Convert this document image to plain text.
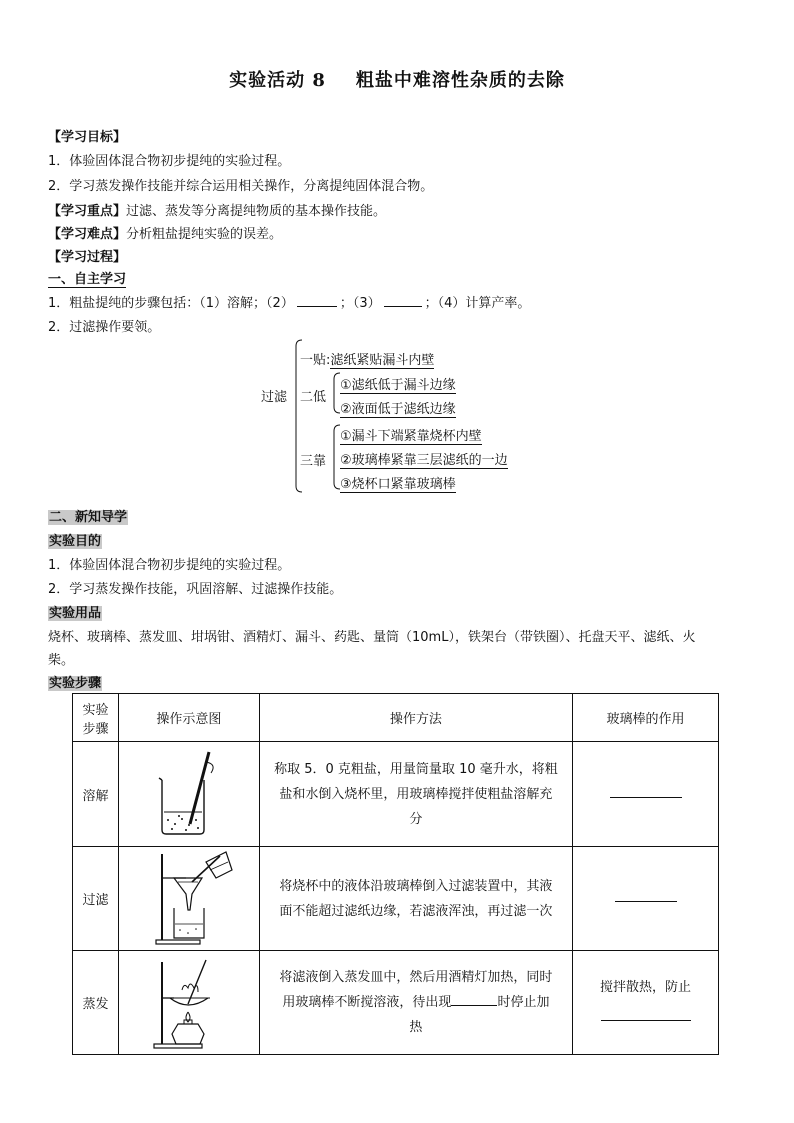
实验活动 8 粗盐中难溶性杂质的去除
【学习目标】
1．体验固体混合物初步提纯的实验过程。
2．学习蒸发操作技能并综合运用相关操作，分离提纯固体混合物。
【学习重点】过滤、蒸发等分离提纯物质的基本操作技能。
【学习难点】分析粗盐提纯实验的误差。
【学习过程】
一、自主学习
1．粗盐提纯的步骤包括：（1）溶解；（2）	；（3）	；（4）计算产率。
2．过滤操作要领。
过滤
一贴:滤纸紧贴漏斗内壁
二低
①滤纸低于漏斗边缘
②液面低于滤纸边缘
三靠
①漏斗下端紧靠烧杯内壁
②玻璃棒紧靠三层滤纸的一边
③烧杯口紧靠玻璃棒
二、新知导学
实验目的
1．体验固体混合物初步提纯的实验过程。
2．学习蒸发操作技能，巩固溶解、过滤操作技能。
实验用品
烧杯、玻璃棒、蒸发皿、坩埚钳、酒精灯、漏斗、药匙、量筒（10mL），铁架台（带铁圈）、托盘天平、滤纸、火
柴。
实验步骤
实验
步骤	操作示意图	操作方法	玻璃棒的作用
溶解		称取 5．0 克粗盐，用量筒量取 10 毫升水，将粗
盐和水倒入烧杯里，用玻璃棒搅拌使粗盐溶解充
分	
过滤		将烧杯中的液体沿玻璃棒倒入过滤装置中，其液
面不能超过滤纸边缘，若滤液浑浊，再过滤一次	
蒸发		将滤液倒入蒸发皿中，然后用酒精灯加热，同时
用玻璃棒不断搅溶液，待出现 时停止加
热	搅拌散热，防止
